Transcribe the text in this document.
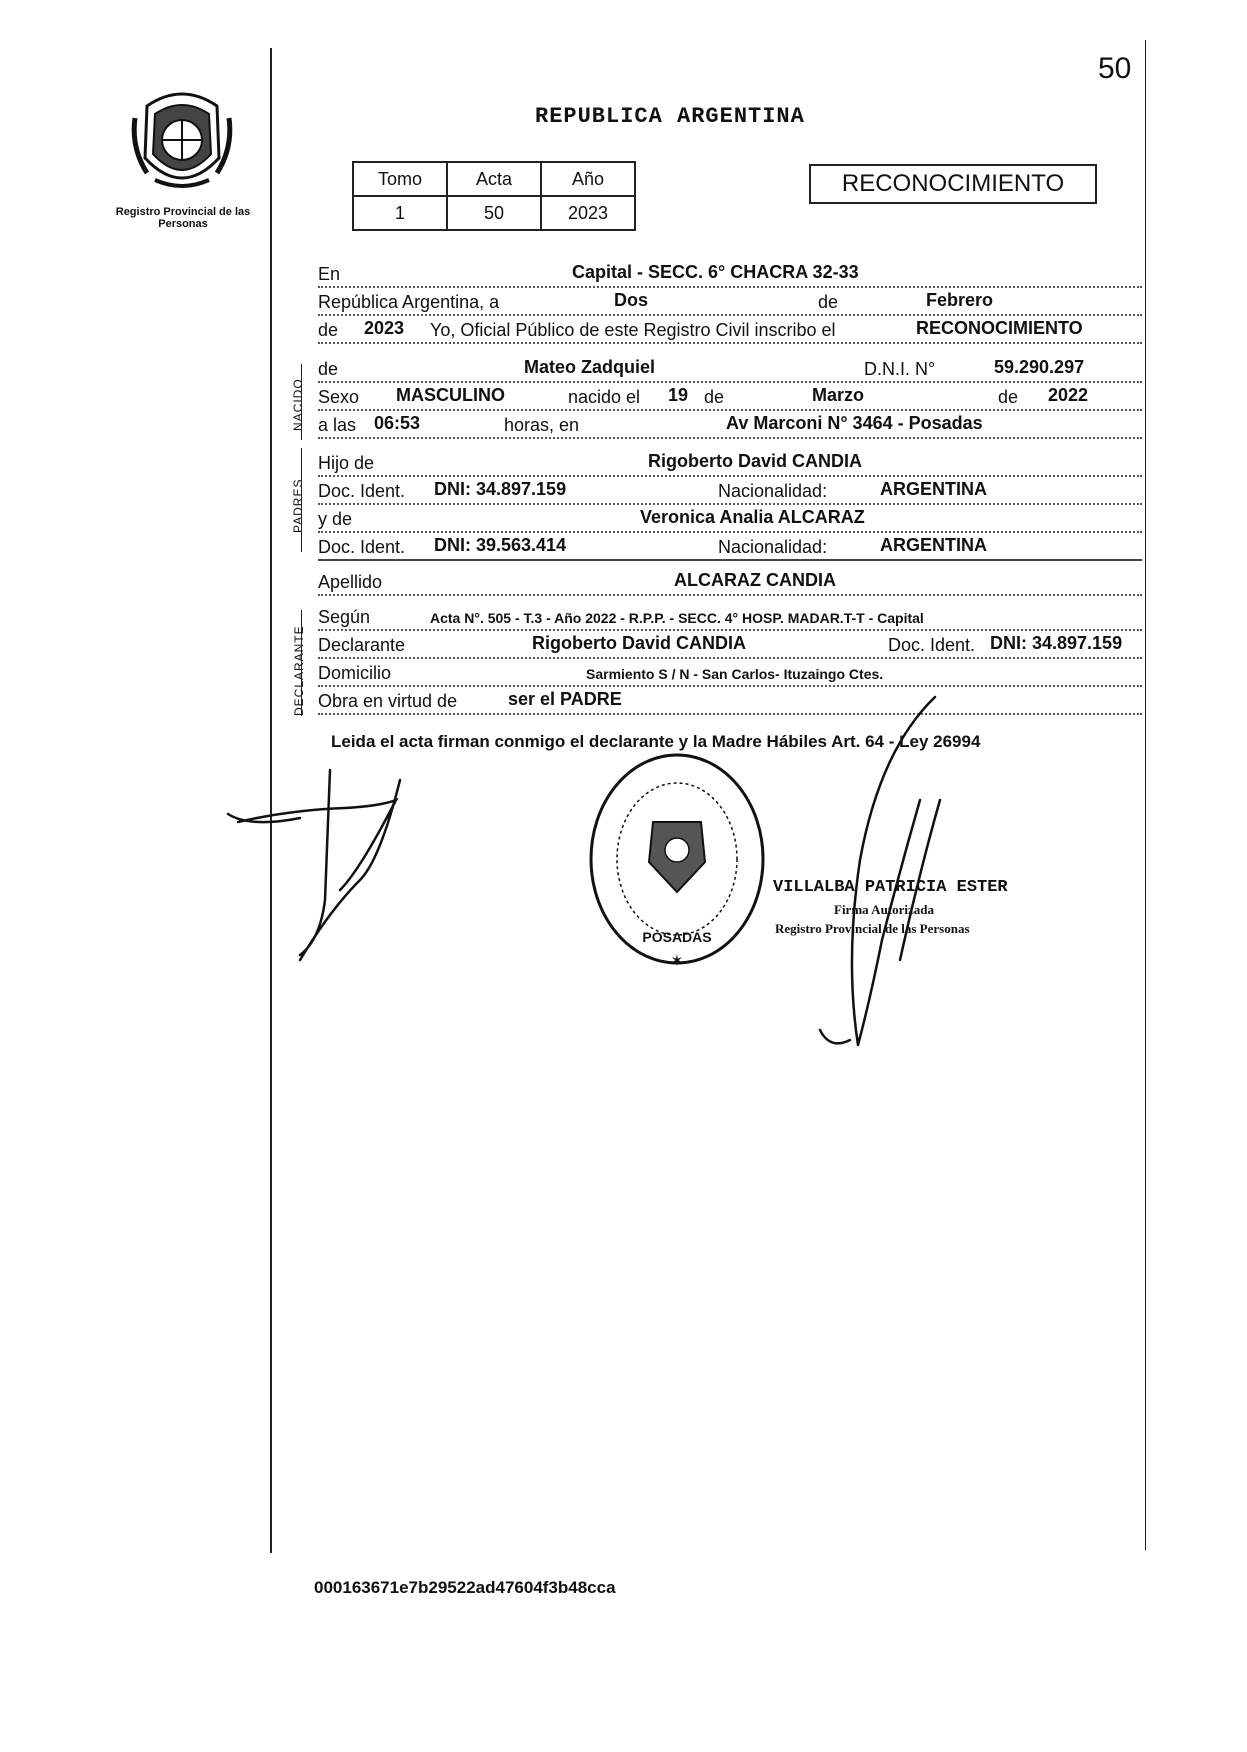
50
Registro Provincial de las Personas
REPUBLICA ARGENTINA
Tomo	Acta	Año
1	50	2023
RECONOCIMIENTO
En	Capital - SECC. 6° CHACRA 32-33
República Argentina, a	Dos	de	Febrero
de 2023 Yo, Oficial Público de este Registro Civil inscribo el	RECONOCIMIENTO
NACIDO
de	Mateo Zadquiel	D.N.I. N°	59.290.297
Sexo MASCULINO	nacido el 19 de	Marzo	de 2022
a las 06:53	horas, en	Av Marconi N° 3464 - Posadas
PADRES
Hijo de	Rigoberto David CANDIA
Doc. Ident. DNI: 34.897.159	Nacionalidad:	ARGENTINA
y de	Veronica Analia ALCARAZ
Doc. Ident. DNI: 39.563.414	Nacionalidad:	ARGENTINA
Apellido	ALCARAZ CANDIA
DECLARANTE
Según	Acta N°. 505 - T.3 - Año 2022 - R.P.P. - SECC. 4° HOSP. MADAR.T-T - Capital
Declarante	Rigoberto David CANDIA	Doc. Ident. DNI: 34.897.159
Domicilio	Sarmiento S / N - San Carlos- Ituzaingo Ctes.
Obra en virtud de	ser el PADRE
Leida el acta firman conmigo el declarante y la Madre Hábiles Art. 64 - Ley 26994
POSADAS
✶
VILLALBA PATRICIA ESTER
Firma Autorizada
Registro Provincial de las Personas
000163671e7b29522ad47604f3b48cca
